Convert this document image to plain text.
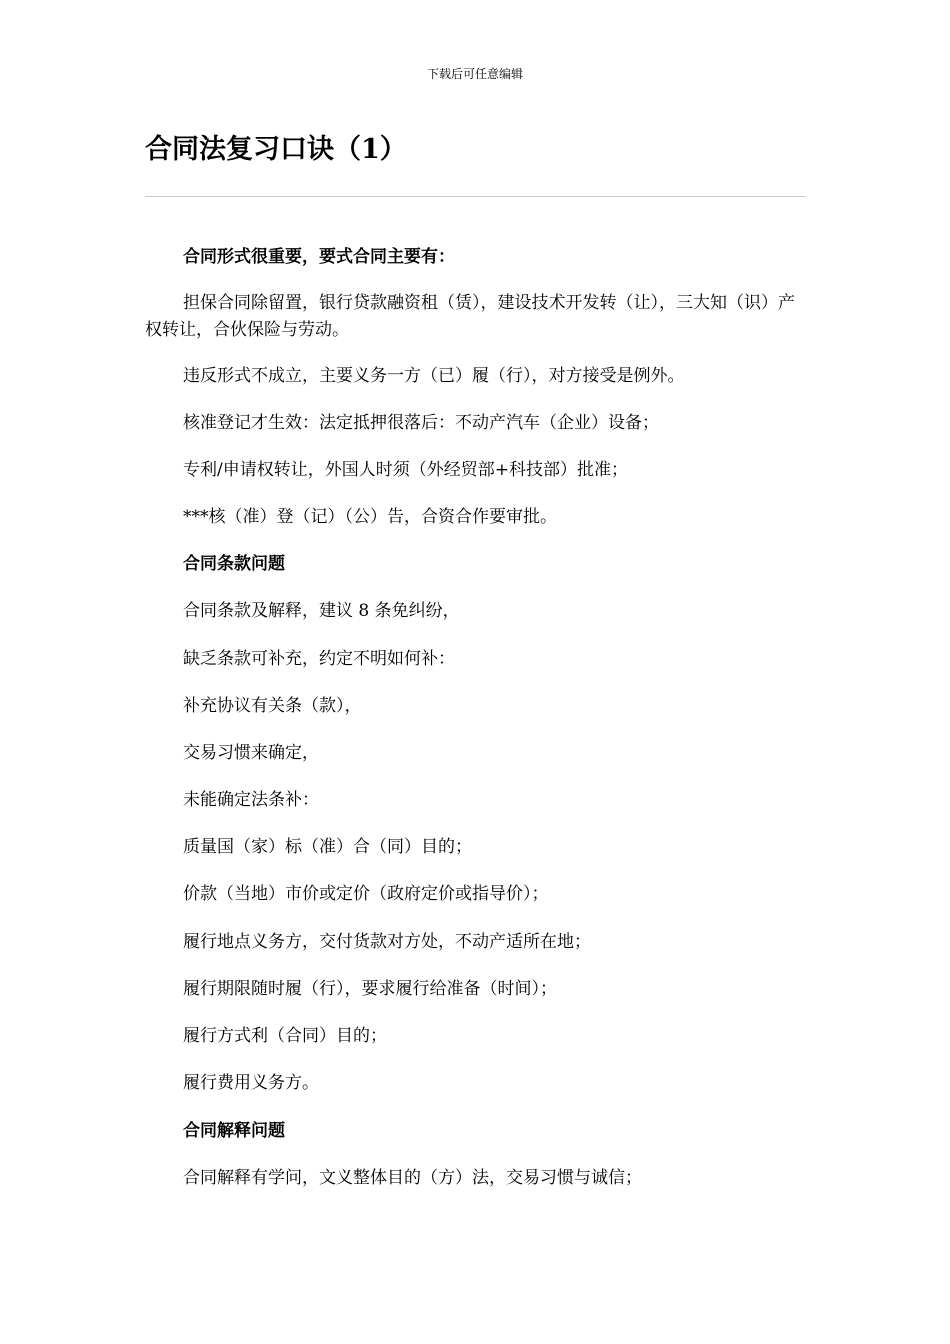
下载后可任意编辑
合同法复习口诀（1）
合同形式很重要，要式合同主要有：
担保合同除留置，银行贷款融资租（赁），建设技术开发转（让），三大知（识）产权转让，合伙保险与劳动。
违反形式不成立，主要义务一方（已）履（行），对方接受是例外。
核准登记才生效：法定抵押很落后：不动产汽车（企业）设备；
专利/申请权转让，外国人时须（外经贸部+科技部）批准；
***核（准）登（记）（公）告，合资合作要审批。
合同条款问题
合同条款及解释，建议 8 条免纠纷，
缺乏条款可补充，约定不明如何补：
补充协议有关条（款），
交易习惯来确定，
未能确定法条补：
质量国（家）标（准）合（同）目的；
价款（当地）市价或定价（政府定价或指导价）；
履行地点义务方，交付货款对方处，不动产适所在地；
履行期限随时履（行），要求履行给准备（时间）；
履行方式利（合同）目的；
履行费用义务方。
合同解释问题
合同解释有学问，文义整体目的（方）法，交易习惯与诚信；
